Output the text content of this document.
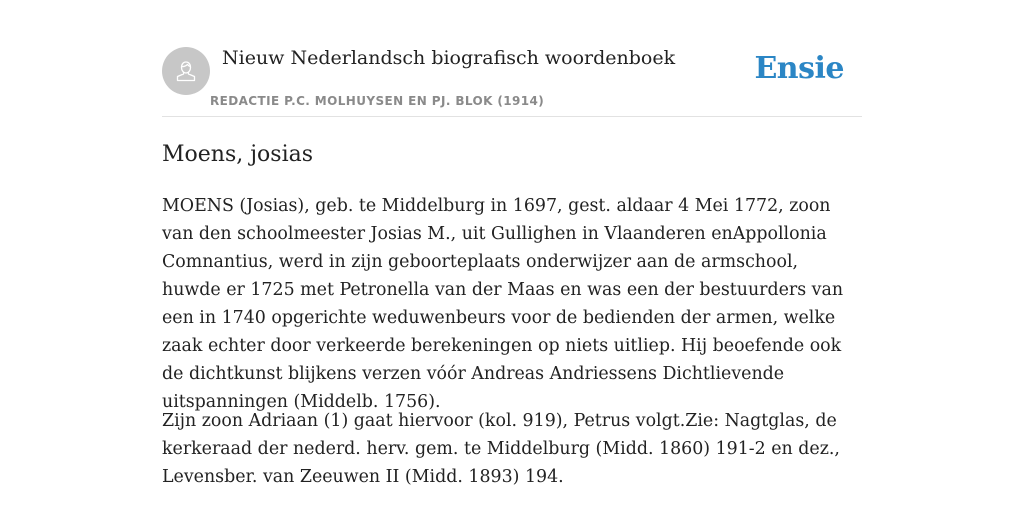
Nieuw Nederlandsch biografisch woordenboek
REDACTIE P.C. MOLHUYSEN EN PJ. BLOK (1914)
Ensie
Moens, josias

MOENS (Josias), geb. te Middelburg in 1697, gest. aldaar 4 Mei 1772, zoon van den schoolmeester Josias M., uit Gullighen in Vlaanderen enAppollonia Comnantius, werd in zijn geboorteplaats onderwijzer aan de armschool, huwde er 1725 met Petronella van der Maas en was een der bestuurders van een in 1740 opgerichte weduwenbeurs voor de bedienden der armen, welke zaak echter door verkeerde berekeningen op niets uitliep. Hij beoefende ook de dichtkunst blijkens verzen vóór Andreas Andriessens Dichtlievende uitspanningen (Middelb. 1756).

Zijn zoon Adriaan (1) gaat hiervoor (kol. 919), Petrus volgt.Zie: Nagtglas, de kerkeraad der nederd. herv. gem. te Middelburg (Midd. 1860) 191-2 en dez., Levensber. van Zeeuwen II (Midd. 1893) 194.
